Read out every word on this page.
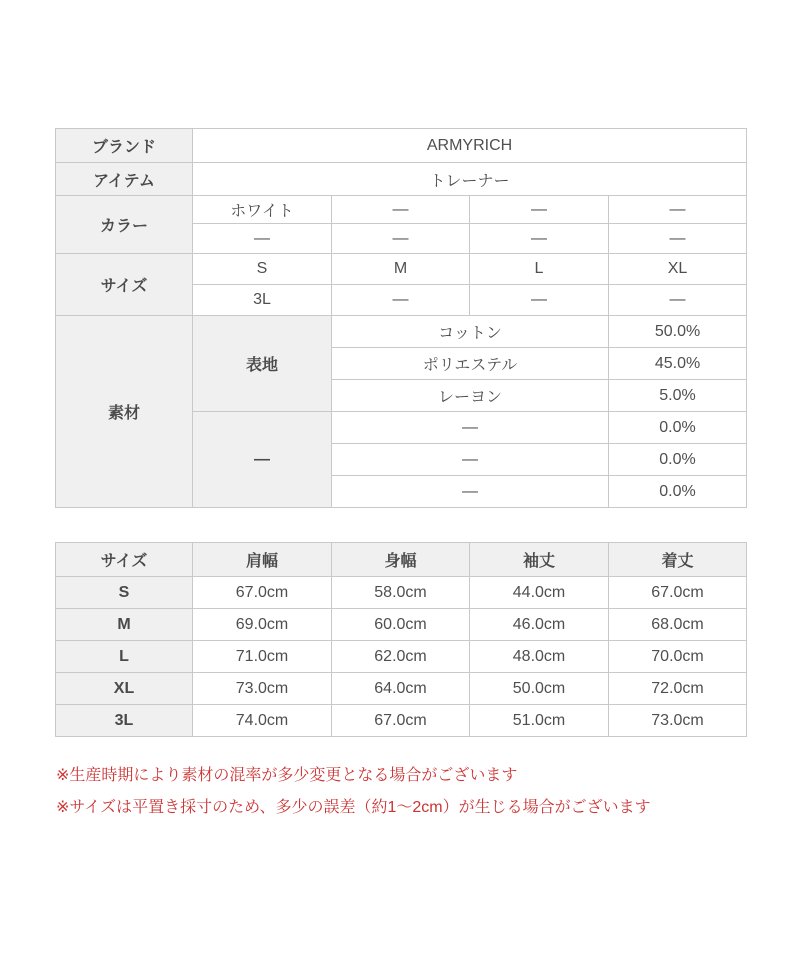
ブランド	ARMYRICH			
アイテム	トレーナー			
カラー	ホワイト	—	—	—
	—	—	—	—
サイズ	S	M	L	XL
	3L	—	—	—
素材	表地	コットン		50.0%
		ポリエステル		45.0%
		レーヨン		5.0%
	—	—		0.0%
		—		0.0%
		—		0.0%
サイズ	肩幅	身幅	袖丈	着丈
S	67.0cm	58.0cm	44.0cm	67.0cm
M	69.0cm	60.0cm	46.0cm	68.0cm
L	71.0cm	62.0cm	48.0cm	70.0cm
XL	73.0cm	64.0cm	50.0cm	72.0cm
3L	74.0cm	67.0cm	51.0cm	73.0cm
※生産時期により素材の混率が多少変更となる場合がございます
※サイズは平置き採寸のため、多少の誤差（約1～2cm）が生じる場合がございます
